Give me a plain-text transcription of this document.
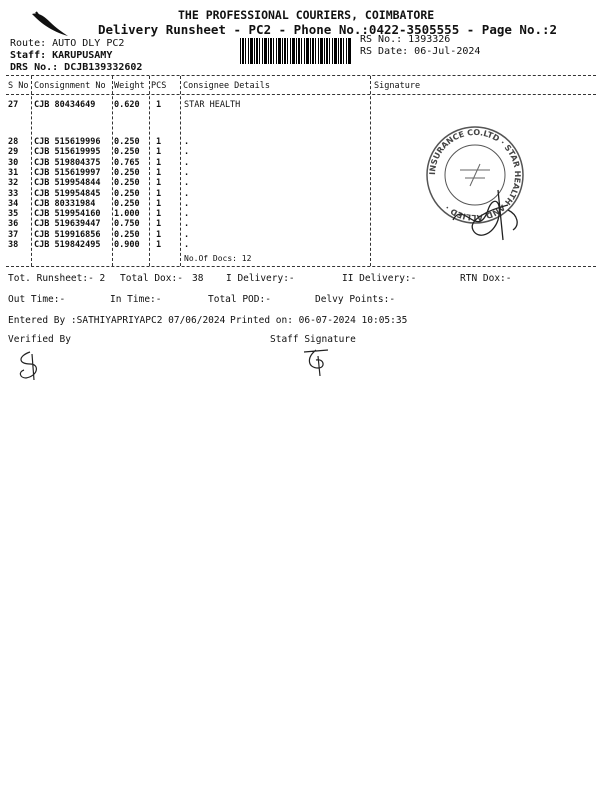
THE PROFESSIONAL COURIERS, COIMBATORE
Delivery Runsheet - PC2 - Phone No.:0422-3505555 - Page No.:2
Route: AUTO DLY PC2
Staff: KARUPUSAMY
DRS No.: DCJB139332602
RS No.: 1393326
RS Date: 06-Jul-2024
S No Consignment No Weight PCS Consignee Details	Signature
27 CJB 80434649 0.620 1	STAR HEALTH
28 CJB 515619996 0.250 1	.
29 CJB 515619995 0.250 1	.
30 CJB 519804375 0.765 1	.
31 CJB 515619997 0.250 1	.
32 CJB 519954844 0.250 1	.
33 CJB 519954845 0.250 1	.
34 CJB 80331984 0.250 1	.
35 CJB 519954160 1.000 1	.
36 CJB 519639447 0.750 1	.
37 CJB 519916856 0.250 1	.
38 CJB 519842495 0.900 1	.
No.Of Docs: 12
INSURANCE CO.LTD · STAR HEALTH AND ALLIED ·
Tot. Runsheet:- 2 Total Dox:- 38 I Delivery:-	II Delivery:-	RTN Dox:-
Out Time:-	In Time:-	Total POD:-	Delvy Points:-
Entered By :SATHIYAPRIYAPC2 07/06/2024 Printed on: 06-07-2024 10:05:35
Verified By	Staff Signature
